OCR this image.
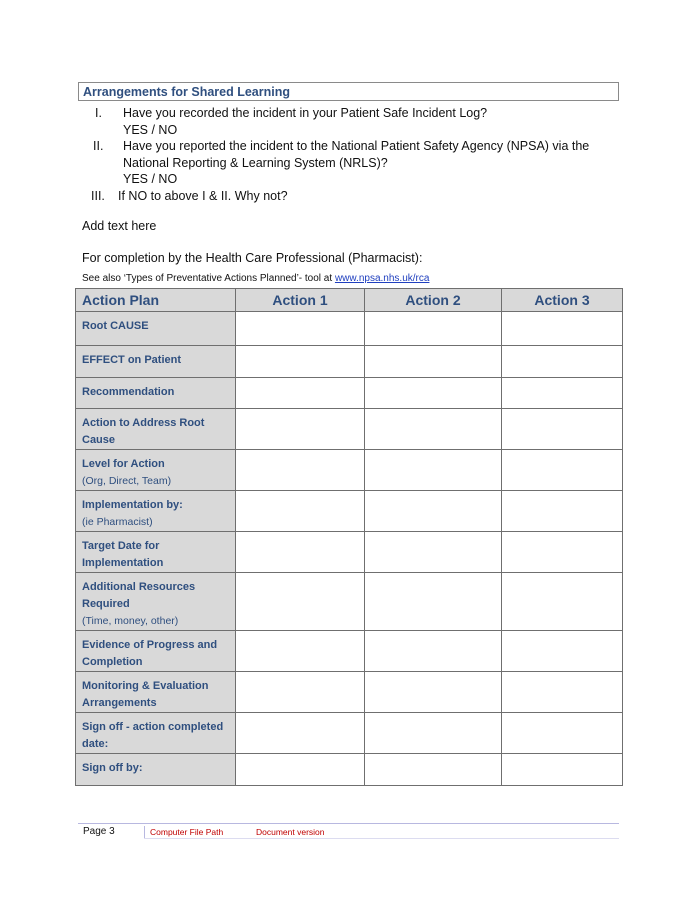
Arrangements for Shared Learning
I. Have you recorded the incident in your Patient Safe Incident Log?
YES / NO
II. Have you reported the incident to the National Patient Safety Agency (NPSA) via the
National Reporting & Learning System (NRLS)?
YES / NO
III. If NO to above I & II. Why not?
Add text here
For completion by the Health Care Professional (Pharmacist):
See also ‘Types of Preventative Actions Planned’- tool at www.npsa.nhs.uk/rca
Action Plan	Action 1	Action 2	Action 3

Root CAUSE			

EFFECT on Patient			

Recommendation			

Action to Address Root Cause			

Level for Action
(Org, Direct, Team)			

Implementation by:
(ie Pharmacist)			

Target Date for Implementation			

Additional Resources Required
(Time, money, other)			

Evidence of Progress and Completion			

Monitoring & Evaluation Arrangements			

Sign off - action completed date:			

Sign off by:			

Page 3	Computer File Path	Document version
